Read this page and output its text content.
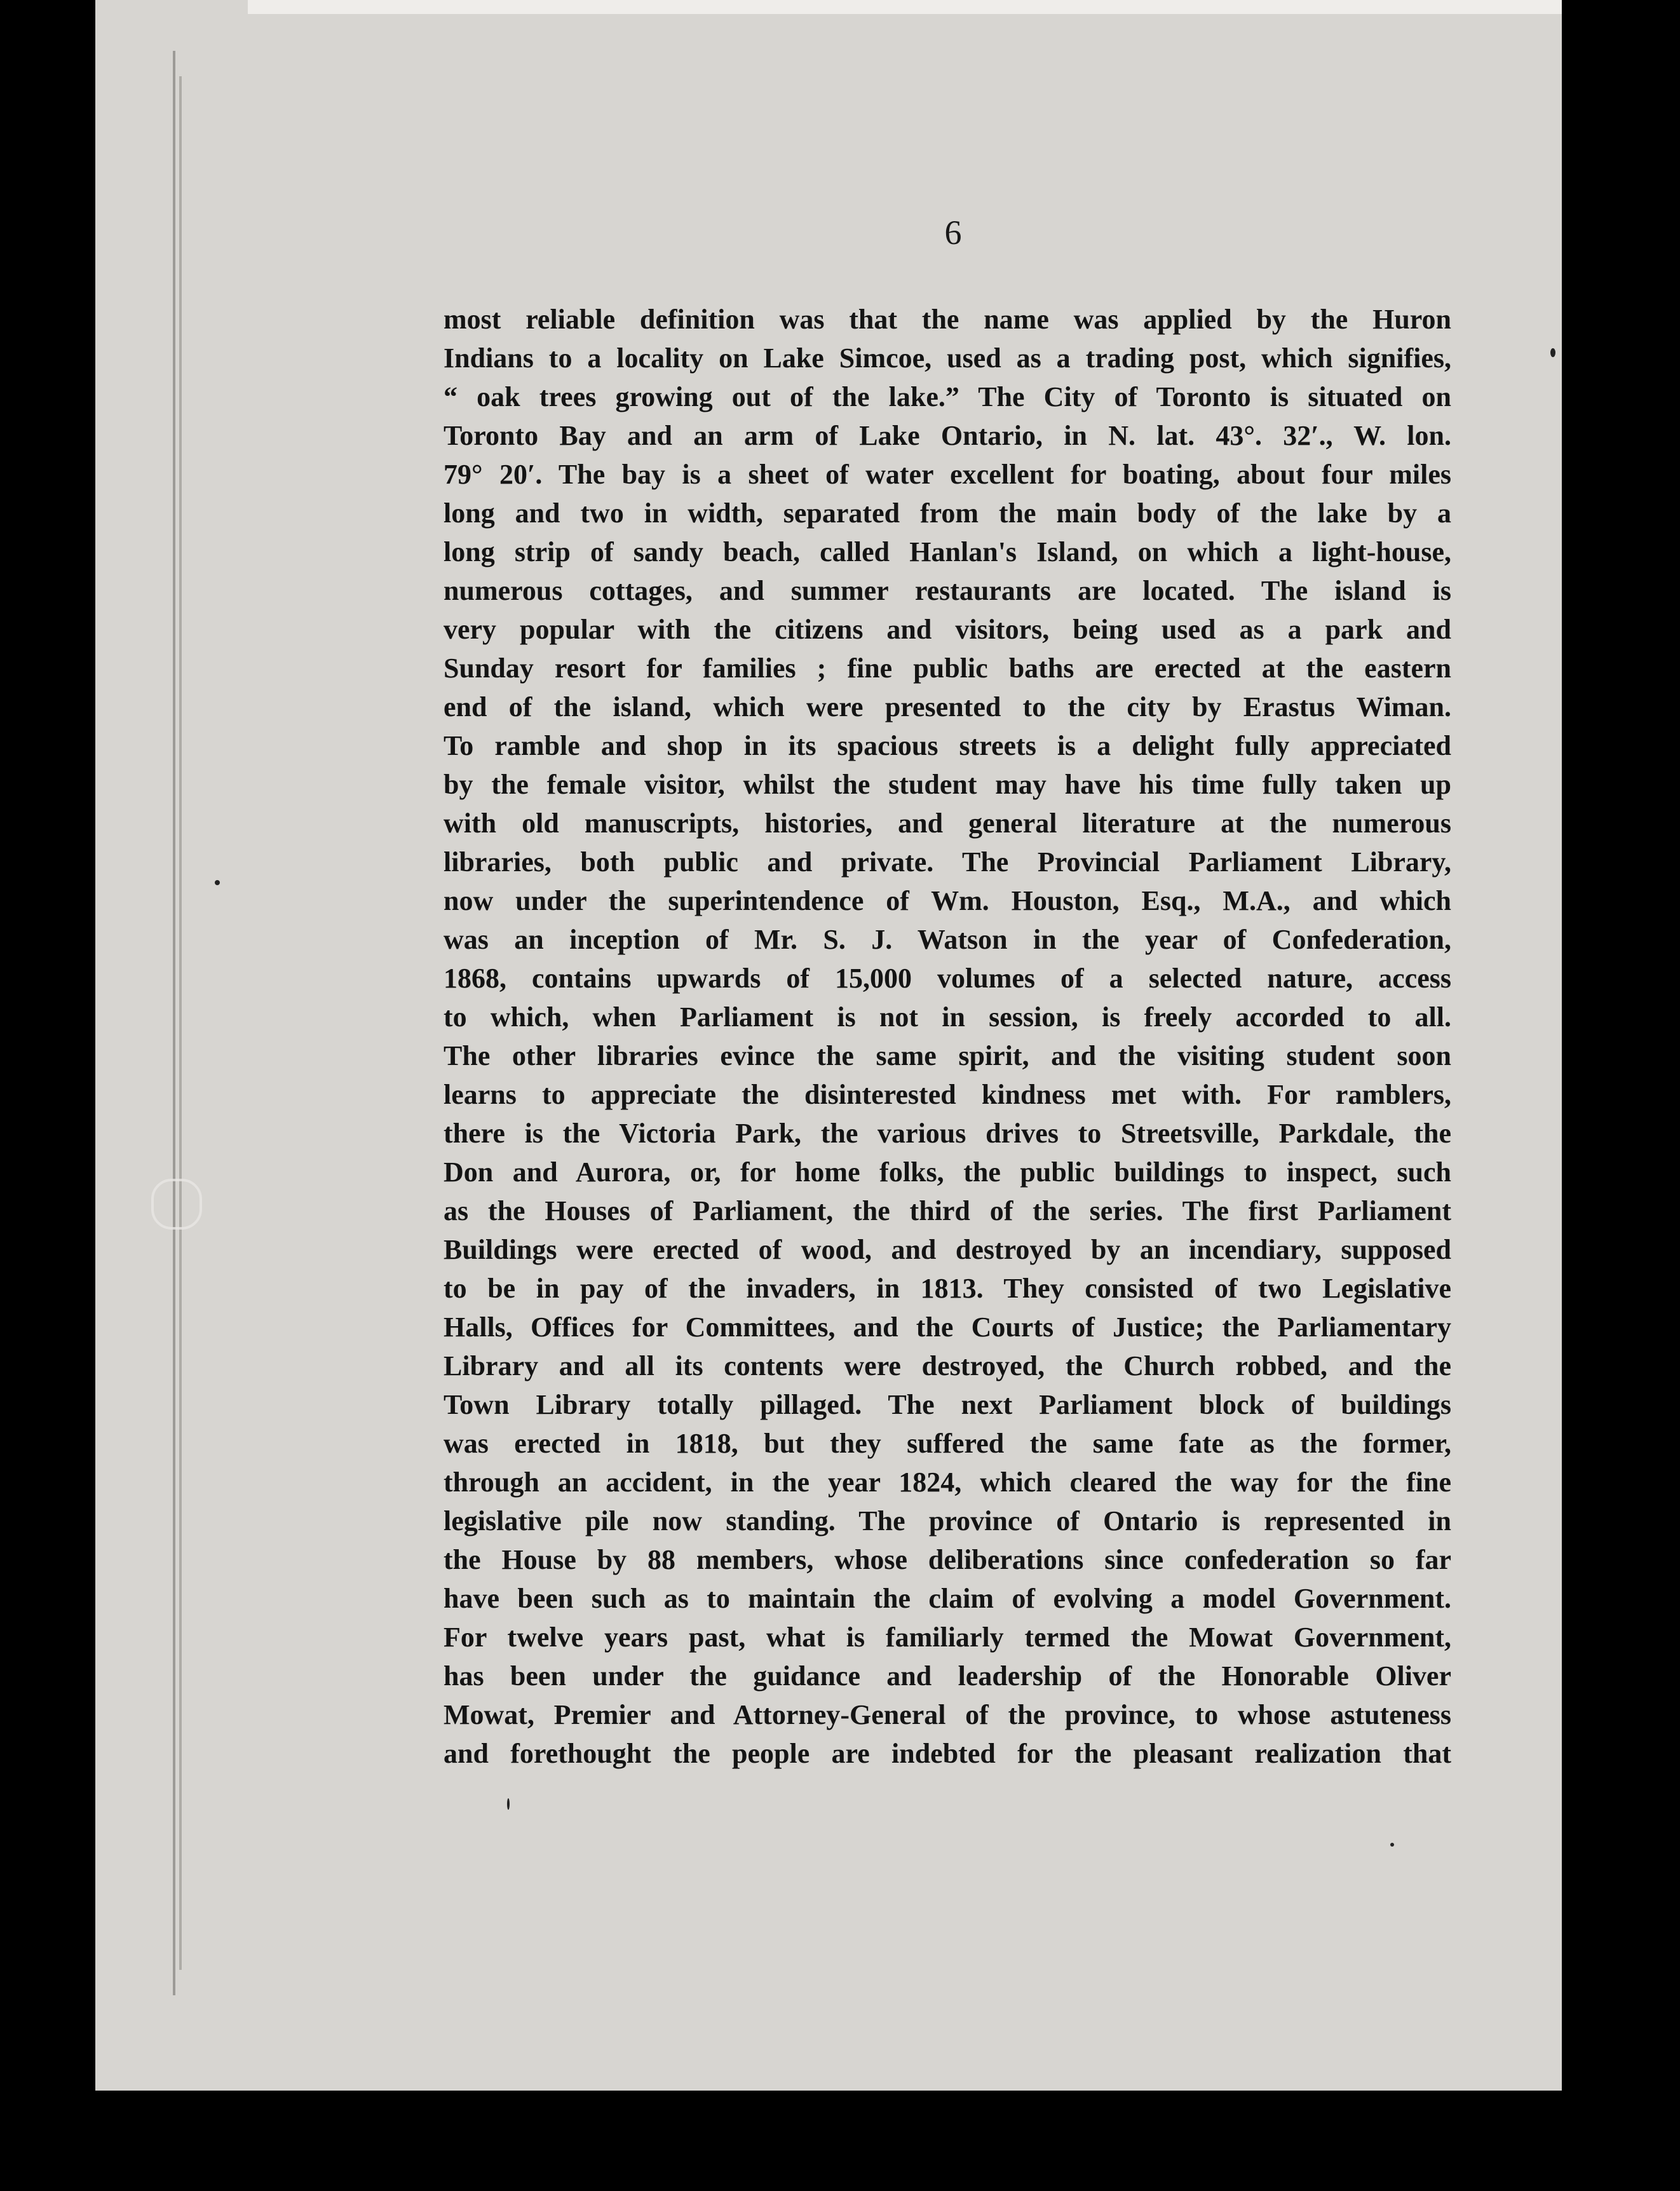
6
most reliable definition was that the name was applied by the Huron
Indians to a locality on Lake Simcoe, used as a trading post, which signifies,
“ oak trees growing out of the lake.” The City of Toronto is situated on
Toronto Bay and an arm of Lake Ontario, in N. lat. 43°. 32′., W. lon.
79° 20′. The bay is a sheet of water excellent for boating, about four miles
long and two in width, separated from the main body of the lake by a
long strip of sandy beach, called Hanlan's Island, on which a light-house,
numerous cottages, and summer restaurants are located. The island is
very popular with the citizens and visitors, being used as a park and
Sunday resort for families ; fine public baths are erected at the eastern
end of the island, which were presented to the city by Erastus Wiman.
To ramble and shop in its spacious streets is a delight fully appreciated
by the female visitor, whilst the student may have his time fully taken up
with old manuscripts, histories, and general literature at the numerous
libraries, both public and private. The Provincial Parliament Library,
now under the superintendence of Wm. Houston, Esq., M.A., and which
was an inception of Mr. S. J. Watson in the year of Confederation,
1868, contains upwards of 15,000 volumes of a selected nature, access
to which, when Parliament is not in session, is freely accorded to all.
The other libraries evince the same spirit, and the visiting student soon
learns to appreciate the disinterested kindness met with. For ramblers,
there is the Victoria Park, the various drives to Streetsville, Parkdale, the
Don and Aurora, or, for home folks, the public buildings to inspect, such
as the Houses of Parliament, the third of the series. The first Parliament
Buildings were erected of wood, and destroyed by an incendiary, supposed
to be in pay of the invaders, in 1813. They consisted of two Legislative
Halls, Offices for Committees, and the Courts of Justice; the Parliamentary
Library and all its contents were destroyed, the Church robbed, and the
Town Library totally pillaged. The next Parliament block of buildings
was erected in 1818, but they suffered the same fate as the former,
through an accident, in the year 1824, which cleared the way for the fine
legislative pile now standing. The province of Ontario is represented in
the House by 88 members, whose deliberations since confederation so far
have been such as to maintain the claim of evolving a model Government.
For twelve years past, what is familiarly termed the Mowat Government,
has been under the guidance and leadership of the Honorable Oliver
Mowat, Premier and Attorney-General of the province, to whose astuteness
and forethought the people are indebted for the pleasant realization that
